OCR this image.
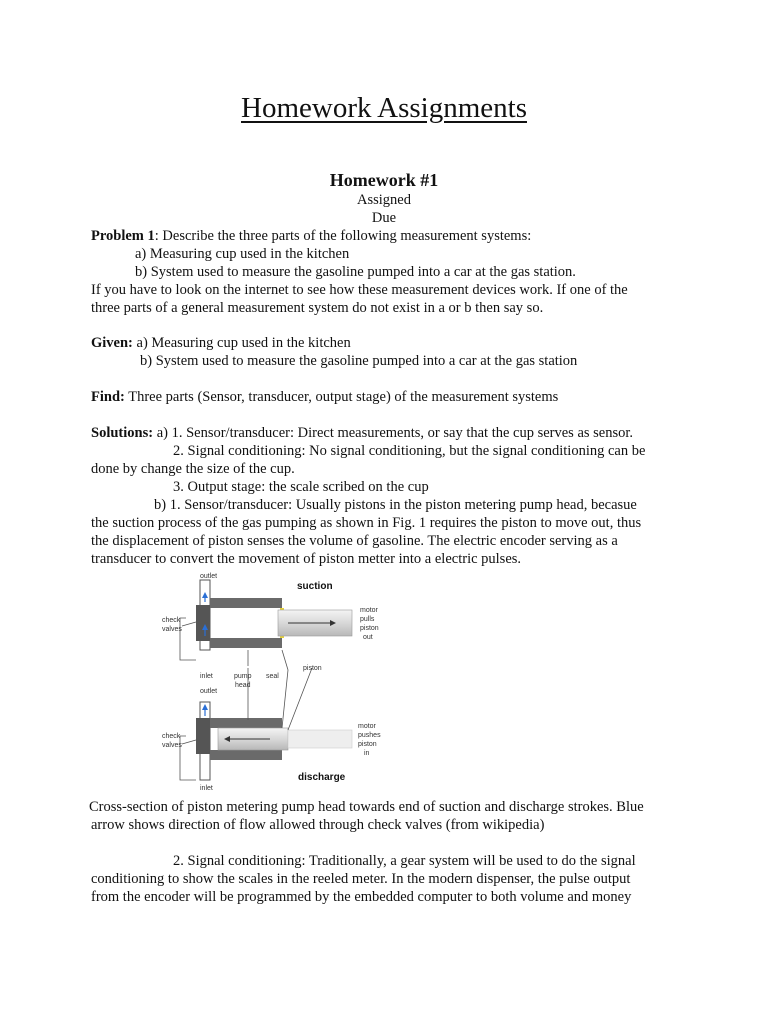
Homework Assignments
Homework #1
Assigned
Due
Problem 1: Describe the three parts of the following measurement systems:
a) Measuring cup used in the kitchen
b) System used to measure the gasoline pumped into a car at the gas station.
If you have to look on the internet to see how these measurement devices work. If one of the
three parts of a general measurement system do not exist in a or b then say so.
Given: a) Measuring cup used in the kitchen
b) System used to measure the gasoline pumped into a car at the gas station
Find: Three parts (Sensor, transducer, output stage) of the measurement systems
Solutions: a) 1. Sensor/transducer: Direct measurements, or say that the cup serves as sensor.
2. Signal conditioning: No signal conditioning, but the signal conditioning can be
done by change the size of the cup.
3. Output stage: the scale scribed on the cup
b) 1. Sensor/transducer: Usually pistons in the piston metering pump head, becasue
the suction process of the gas pumping as shown in Fig. 1 requires the piston to move out, thus
the displacement of piston senses the volume of gasoline. The electric encoder serving as a
transducer to convert the movement of piston metter into a electric pulses.
outlet
inlet
outlet
inlet
check
valves
check
valves
motor
pulls
piston
out
motor
pushes
piston
in
pump
head
seal
piston
suction
discharge
Cross-section of piston metering pump head towards end of suction and discharge strokes. Blue
arrow shows direction of flow allowed through check valves (from wikipedia)
2. Signal conditioning: Traditionally, a gear system will be used to do the signal
conditioning to show the scales in the reeled meter. In the modern dispenser, the pulse output
from the encoder will be programmed by the embedded computer to both volume and money
